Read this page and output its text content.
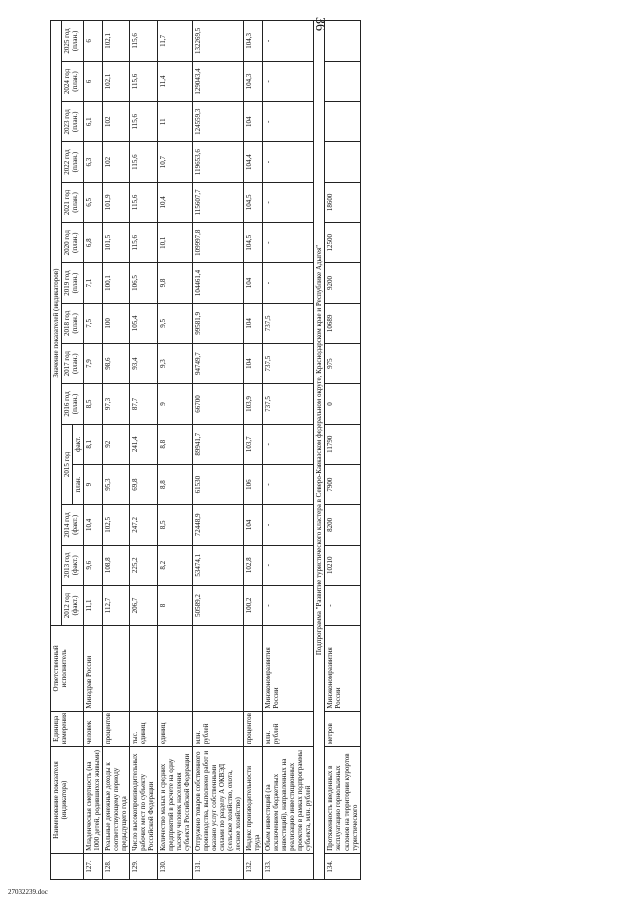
36
	Наименование показателя (индикатора)	Единица измерения	Ответственный исполнитель	Значение показателей (индикаторов)														
				2012 год (факт.)	2013 год (факт.)	2014 год (факт.)	2015 год		2016 год (план.)	2017 год (план.)	2018 год (план.)	2019 год (план.)	2020 год (план.)	2021 год (план.)	2022 год (план.)	2023 год (план.)	2024 год (план.)	2025 год (план.)
							план.	факт.										
127.	Младенческая смертность (на 1000 детей, родившихся живыми)	человек	Минздрав России	11,1	9,6	10,4	9	8,1	8,5	7,9	7,5	7,1	6,8	6,5	6,3	6,1	6	6
128.	Реальные денежные доходы к соответствующему периоду предыдущего года	процентов		112,7	108,8	102,5	95,3	92	97,3	98,6	100	100,1	101,5	101,9	102	102	102,1	102,1
129.	Число высокопроизводительных рабочих мест по субъекту Российской Федерации	тыс. единиц		206,7	225,2	247,2	69,8	241,4	87,7	93,4	105,4	106,5	115,6	115,6	115,6	115,6	115,6	115,6
130.	Количество малых и средних предприятий в расчете на одну тысячу человек населения субъекта Российской Федерации	единиц		8	8,2	8,5	8,8	8,8	9	9,3	9,5	9,8	10,1	10,4	10,7	11	11,4	11,7
131.	Отгружено товаров собственного производства, выполнено работ и оказано услуг собственными силами по разделу А ОКВЭД (сельское хозяйство, охота, лесное хозяйство)	млн. рублей		50589,2	53474,1	72448,9	61530	89941,7	66700	94749,7	99581,9	104461,4	109997,8	115607,7	119653,6	124559,3	129043,4	132269,5
132.	Индекс производительности труда	процентов		100,2	102,8	104	106	103,7	103,9	104	104	104	104,5	104,5	104,4	104	104,3	104,3
133.	Объем инвестиций (за исключением бюджетных инвестиций), направленных на реализацию инвестиционных проектов в рамках подпрограммы субъекта, млн. рублей	млн. рублей	Минэкономразвития России	-	-	-	-	-	737,5	737,5	737,5	-	-	-	-	-	-	-
Подпрограмма "Развитие туристического кластера в Северо-Кавказском федеральном округе, Краснодарском крае и Республике Адыгея"																		
134.	Протяженность введенных в эксплуатацию горнолыжных склонов на территории курортов туристического	метров	Минэкономразвития России	-	10210	8200	7900	11790	0	975	10689	9200	12500	18600				
27032239.doc
